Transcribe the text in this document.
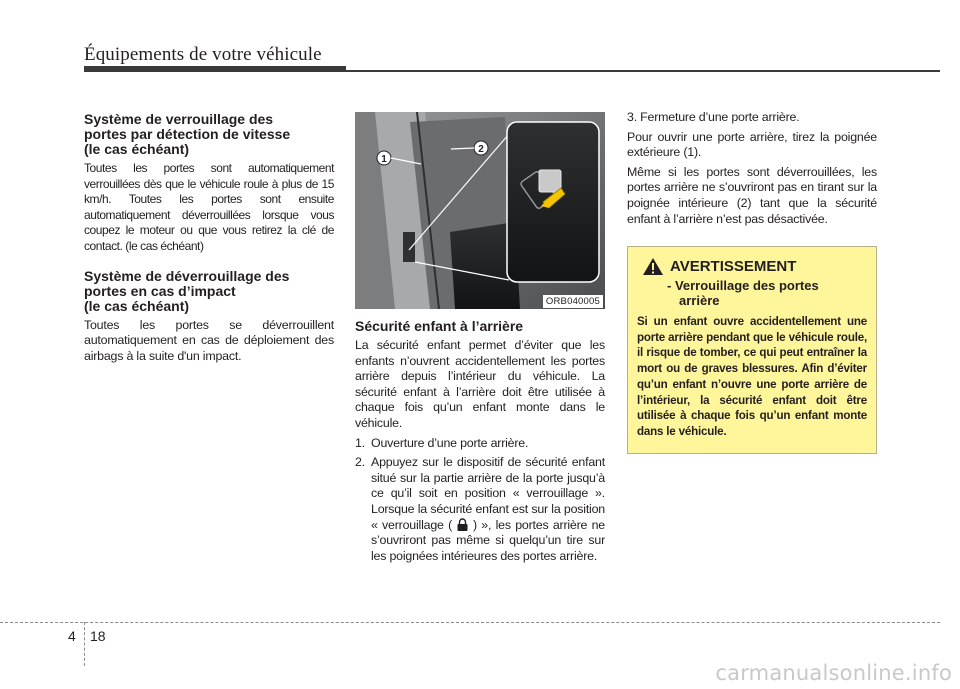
Équipements de votre véhicule
Système de verrouillage des
portes par détection de vitesse
(le cas échéant)

Toutes les portes sont automatiquement verrouillées dès que le véhicule roule à plus de 15 km/h. Toutes les portes sont ensuite automatiquement déverrouillées lorsque vous coupez le moteur ou que vous retirez la clé de contact. (le cas échéant)

Système de déverrouillage des
portes en cas d’impact
(le cas échéant)

Toutes les portes se déverrouillent automatiquement en cas de déploiement des airbags à la suite d'un impact.

1
2
ORB040005
Sécurité enfant à l’arrière

La sécurité enfant permet d’éviter que les enfants n’ouvrent accidentellement les portes arrière depuis l’intérieur du véhicule. La sécurité enfant à l’arrière doit être utilisée à chaque fois qu’un enfant monte dans le véhicule.

1. Ouverture d’une porte arrière.
2. Appuyez sur le dispositif de sécurité enfant situé sur la partie arrière de la porte jusqu’à ce qu’il soit en position « verrouillage ». Lorsque la sécurité enfant est sur la position « verrouillage ( ) », les portes arrière ne s’ouvriront pas même si quelqu’un tire sur les poignées intérieures des portes arrière.

3. Fermeture d’une porte arrière.

Pour ouvrir une porte arrière, tirez la poignée extérieure (1).

Même si les portes sont déverrouillées, les portes arrière ne s’ouvriront pas en tirant sur la poignée intérieure (2) tant que la sécurité enfant à l’arrière n’est pas désactivée.

AVERTISSEMENT
- Verrouillage des portes
arrière

Si un enfant ouvre accidentellement une porte arrière pendant que le véhicule roule, il risque de tomber, ce qui peut entraîner la mort ou de graves blessures. Afin d’éviter qu’un enfant n’ouvre une porte arrière de l’intérieur, la sécurité enfant doit être utilisée à chaque fois qu’un enfant monte dans le véhicule.

4 18
carmanualsonline.info
